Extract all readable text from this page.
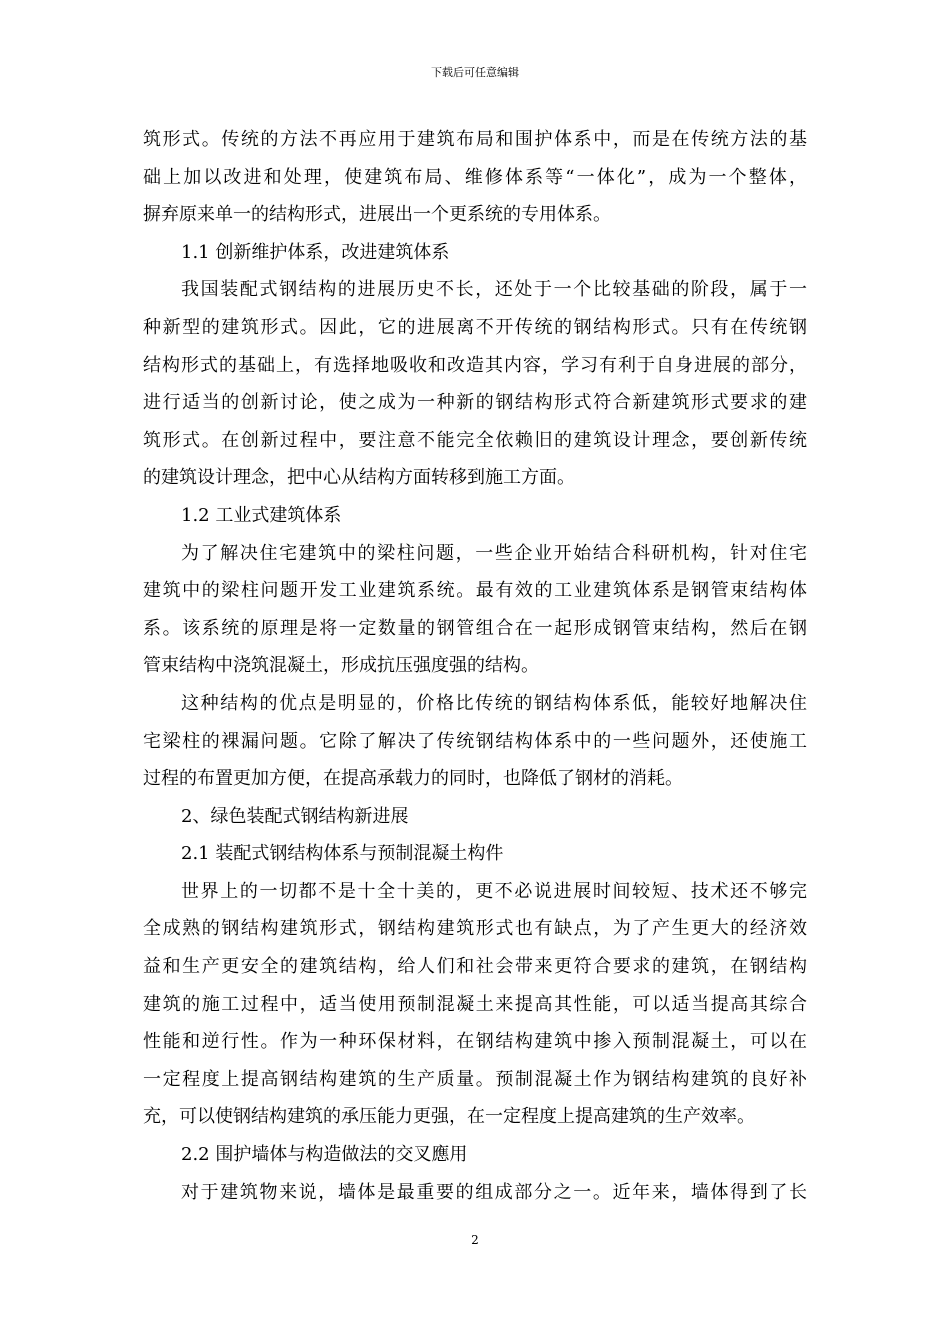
下载后可任意编辑
筑形式。传统的方法不再应用于建筑布局和围护体系中，而是在传统方法的基
础上加以改进和处理，使建筑布局、维修体系等“一体化”，成为一个整体，
摒弃原来单一的结构形式，进展出一个更系统的专用体系。
1.1 创新维护体系，改进建筑体系
我国装配式钢结构的进展历史不长，还处于一个比较基础的阶段，属于一
种新型的建筑形式。因此，它的进展离不开传统的钢结构形式。只有在传统钢
结构形式的基础上，有选择地吸收和改造其内容，学习有利于自身进展的部分，
进行适当的创新讨论，使之成为一种新的钢结构形式符合新建筑形式要求的建
筑形式。在创新过程中，要注意不能完全依赖旧的建筑设计理念，要创新传统
的建筑设计理念，把中心从结构方面转移到施工方面。
1.2 工业式建筑体系
为了解决住宅建筑中的梁柱问题，一些企业开始结合科研机构，针对住宅
建筑中的梁柱问题开发工业建筑系统。最有效的工业建筑体系是钢管束结构体
系。该系统的原理是将一定数量的钢管组合在一起形成钢管束结构，然后在钢
管束结构中浇筑混凝土，形成抗压强度强的结构。
这种结构的优点是明显的，价格比传统的钢结构体系低，能较好地解决住
宅梁柱的裸漏问题。它除了解决了传统钢结构体系中的一些问题外，还使施工
过程的布置更加方便，在提高承载力的同时，也降低了钢材的消耗。
2、绿色装配式钢结构新进展
2.1 装配式钢结构体系与预制混凝土构件
世界上的一切都不是十全十美的，更不必说进展时间较短、技术还不够完
全成熟的钢结构建筑形式，钢结构建筑形式也有缺点，为了产生更大的经济效
益和生产更安全的建筑结构，给人们和社会带来更符合要求的建筑，在钢结构
建筑的施工过程中，适当使用预制混凝土来提高其性能，可以适当提高其综合
性能和逆行性。作为一种环保材料，在钢结构建筑中掺入预制混凝土，可以在
一定程度上提高钢结构建筑的生产质量。预制混凝土作为钢结构建筑的良好补
充，可以使钢结构建筑的承压能力更强，在一定程度上提高建筑的生产效率。
2.2 围护墙体与构造做法的交叉應用
对于建筑物来说，墙体是最重要的组成部分之一。近年来，墙体得到了长
2
